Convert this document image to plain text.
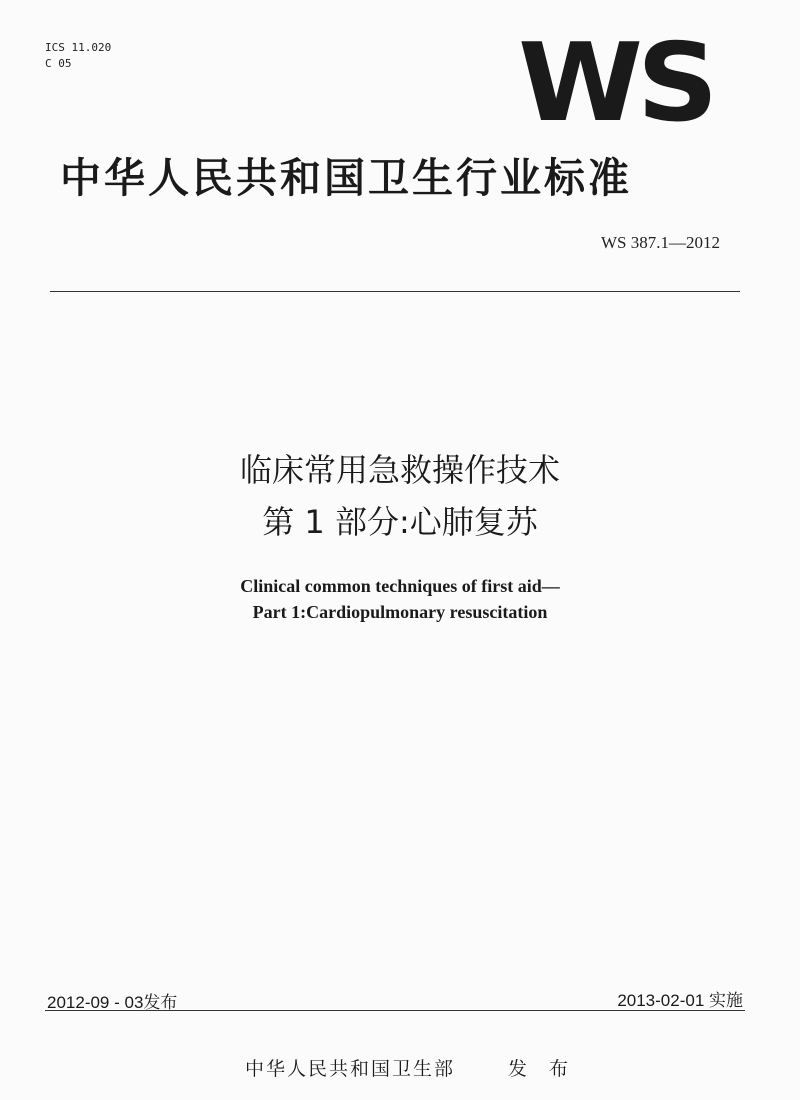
ICS 11.020
C 05	WS
中华人民共和国卫生行业标准
WS 387.1—2012
临床常用急救操作技术
第 1 部分:心肺复苏
Clinical common techniques of first aid—
Part 1:Cardiopulmonary resuscitation
2012-09 - 03发布	2013-02-01 实施
中华人民共和国卫生部	发 布
